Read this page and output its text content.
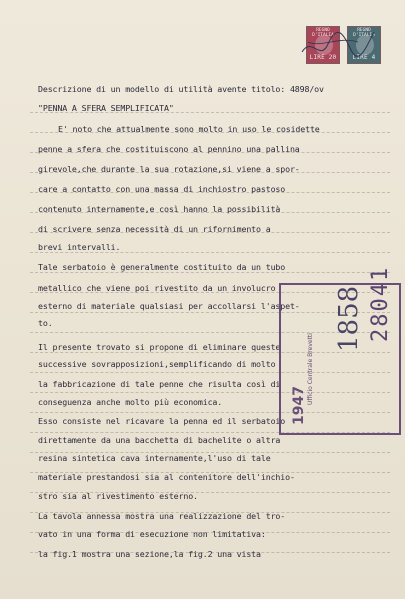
REGNO D'ITALIA
LIRE 20
REGNO D'ITALIA
LIRE 4
Descrizione di un modello di utilità avente titolo: 4898/ov
"PENNA A SFERA SEMPLIFICATA"
E' noto che attualmente sono molto in uso le cosidette
penne a sfera che costituiscono al pennino una pallina
girevole,che durante la sua rotazione,si viene a spor-
care a contatto con una massa di inchiostro pastoso
contenuto internamente,e così hanno la possibilità
di scrivere senza necessità di un rifornimento a
brevi intervalli.
Tale serbatoio è generalmente costituito da un tubo
metallico che viene poi rivestito da un involucro
esterno di materiale qualsiasi per accollarsi l'aspet-
to.
Il presente trovato si propone di eliminare queste
successive sovrapposizioni,semplificando di molto
la fabbricazione di tale penne che risulta così di
conseguenza anche molto più economica.
Esso consiste nel ricavare la penna ed il serbatoio
direttamente da una bacchetta di bachelite o altra
resina sintetica cava internamente,l'uso di tale
materiale prestandosi sia al contenitore dell'inchio-
stro sia al rivestimento esterno.
La tavola annessa mostra una realizzazione del tro-
vato in una forma di esecuzione non limitativa:
la fig.1 mostra una sezione,la fig.2 una vista
Ufficio Centrale Brevetti
1947
1858 28041
